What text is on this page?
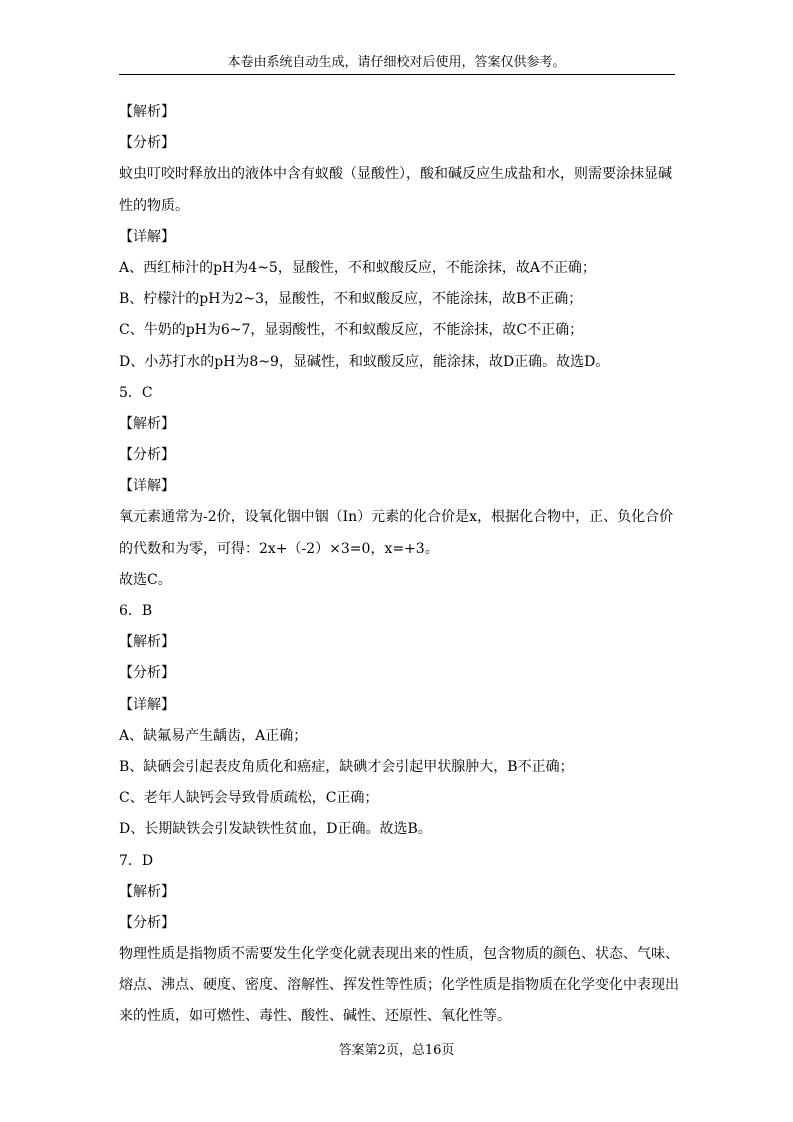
本卷由系统自动生成，请仔细校对后使用，答案仅供参考。
【解析】
【分析】
蚊虫叮咬时释放出的液体中含有蚁酸（显酸性），酸和碱反应生成盐和水，则需要涂抹显碱
性的物质。
【详解】
A、西红柿汁的pH为4~5，显酸性，不和蚁酸反应，不能涂抹，故A不正确；
B、柠檬汁的pH为2~3，显酸性，不和蚁酸反应，不能涂抹，故B不正确；
C、牛奶的pH为6~7，显弱酸性，不和蚁酸反应，不能涂抹，故C不正确；
D、小苏打水的pH为8~9，显碱性，和蚁酸反应，能涂抹，故D正确。故选D。
5．C
【解析】
【分析】
【详解】
氧元素通常为-2价，设氧化铟中铟（In）元素的化合价是x，根据化合物中，正、负化合价
的代数和为零，可得：2x+（-2）×3=0，x=+3。
故选C。
6．B
【解析】
【分析】
【详解】
A、缺氟易产生龋齿，A正确；
B、缺硒会引起表皮角质化和癌症，缺碘才会引起甲状腺肿大，B不正确；
C、老年人缺钙会导致骨质疏松，C正确；
D、长期缺铁会引发缺铁性贫血，D正确。故选B。
7．D
【解析】
【分析】
物理性质是指物质不需要发生化学变化就表现出来的性质，包含物质的颜色、状态、气味、
熔点、沸点、硬度、密度、溶解性、挥发性等性质；化学性质是指物质在化学变化中表现出
来的性质，如可燃性、毒性、酸性、碱性、还原性、氧化性等。
答案第2页，总16页
